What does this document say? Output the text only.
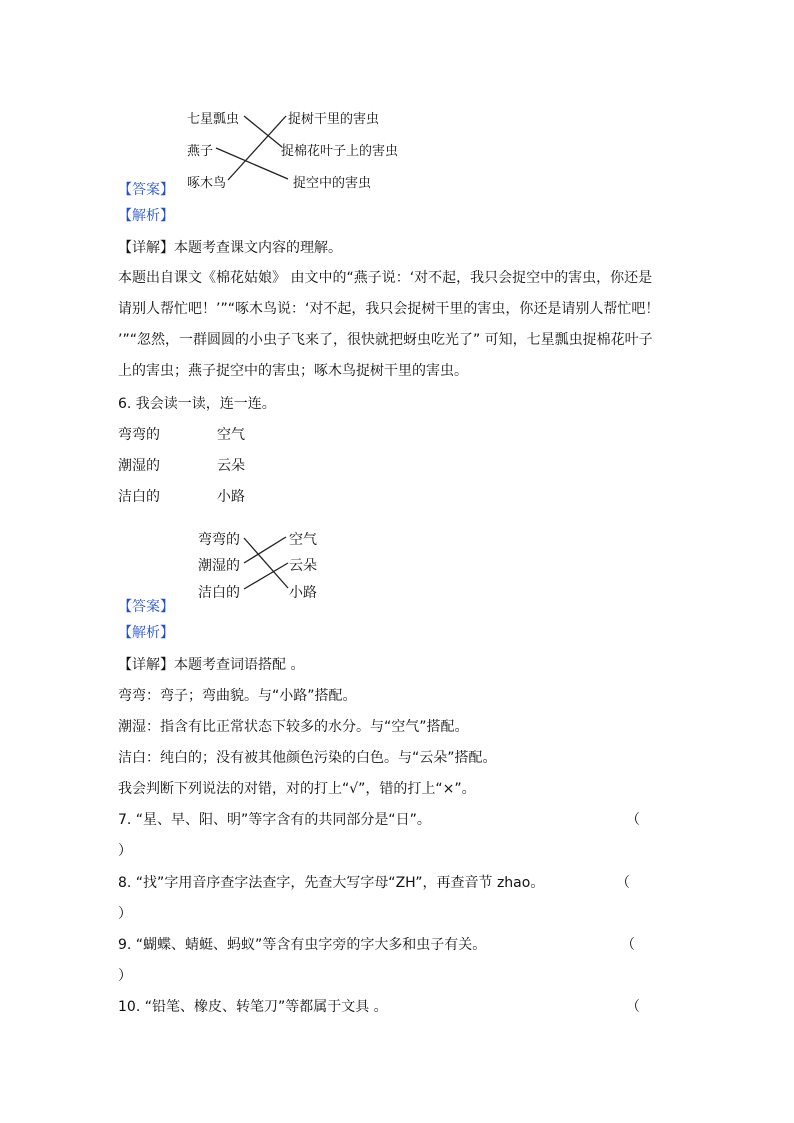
七星瓢虫
燕子
啄木鸟
捉树干里的害虫
捉棉花叶子上的害虫
捉空中的害虫
【答案】
【解析】
【详解】本题考查课文内容的理解。
本题出自课文《棉花姑娘》 由文中的“燕子说：‘对不起，我只会捉空中的害虫，你还是
请别人帮忙吧！’”“啄木鸟说：‘对不起，我只会捉树干里的害虫，你还是请别人帮忙吧！
’”“忽然，一群圆圆的小虫子飞来了，很快就把蚜虫吃光了” 可知，七星瓢虫捉棉花叶子
上的害虫；燕子捉空中的害虫；啄木鸟捉树干里的害虫。
6. 我会读一读，连一连。
弯弯的	空气
潮湿的	云朵
洁白的	小路
弯弯的
潮湿的
洁白的
空气
云朵
小路
【答案】
【解析】
【详解】本题考查词语搭配 。
弯弯：弯子；弯曲貌。与“小路”搭配。
潮湿：指含有比正常状态下较多的水分。与“空气”搭配。
洁白：纯白的；没有被其他颜色污染的白色。与“云朵”搭配。
我会判断下列说法的对错，对的打上“√”，错的打上“×”。
7. “星、早、阳、明”等字含有的共同部分是“日”。	（
）
8. “找”字用音序查字法查字，先查大写字母“ZH”，再查音节 zhao。	（
）
9. “蝴蝶、蜻蜓、蚂蚁”等含有虫字旁的字大多和虫子有关。	（
）
10. “铅笔、橡皮、转笔刀”等都属于文具 。	（
